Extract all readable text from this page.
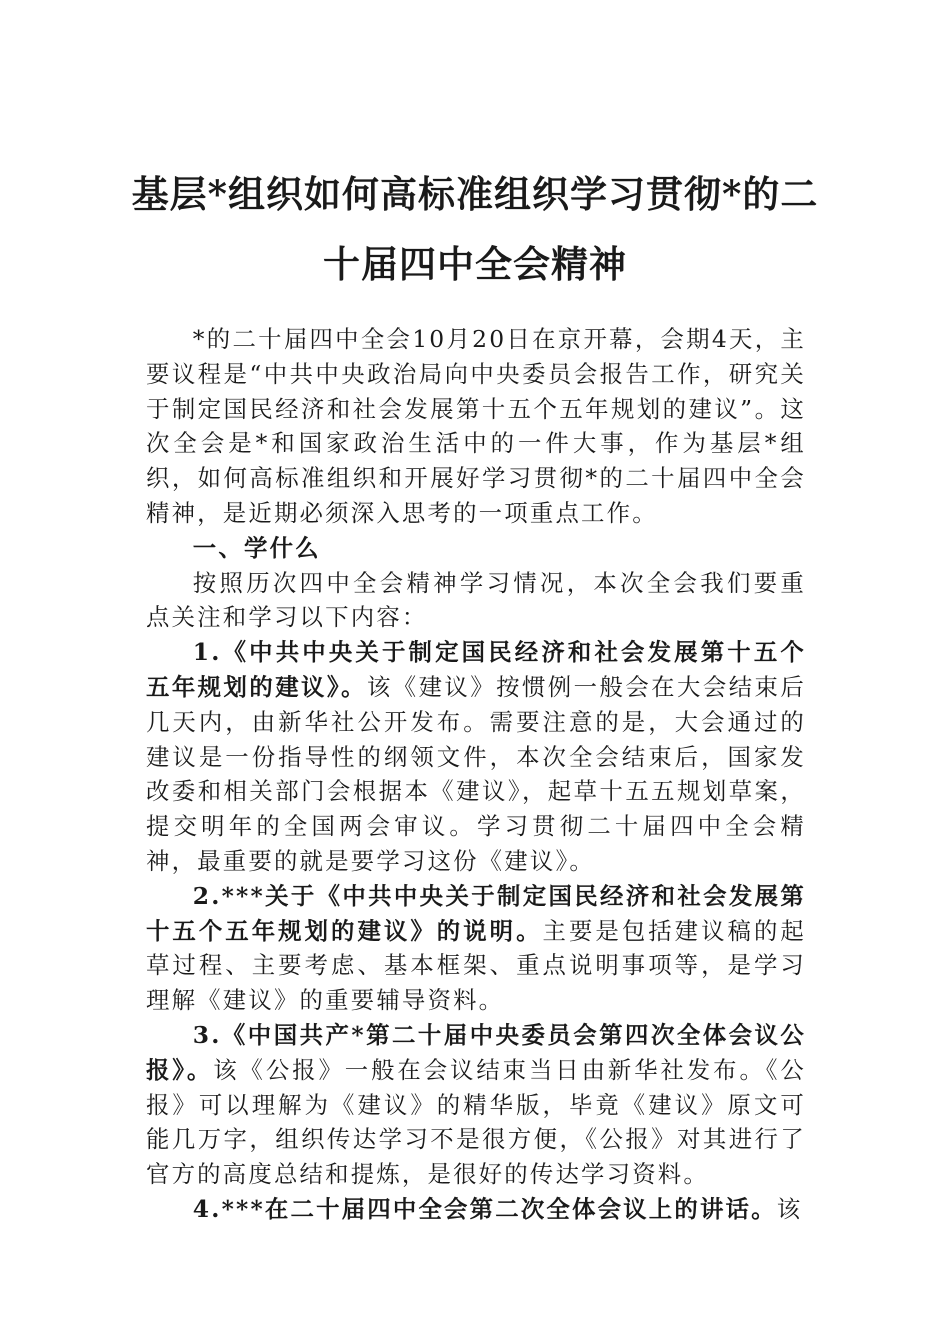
基层*组织如何高标准组织学习贯彻*的二
十届四中全会精神

*的二十届四中全会10月20日在京开幕，会期4天，主要议程是“中共中央政治局向中央委员会报告工作，研究关于制定国民经济和社会发展第十五个五年规划的建议”。这次全会是*和国家政治生活中的一件大事，作为基层*组织，如何高标准组织和开展好学习贯彻*的二十届四中全会精神，是近期必须深入思考的一项重点工作。

一、学什么

按照历次四中全会精神学习情况，本次全会我们要重点关注和学习以下内容：

1.《中共中央关于制定国民经济和社会发展第十五个五年规划的建议》。该《建议》按惯例一般会在大会结束后几天内，由新华社公开发布。需要注意的是，大会通过的建议是一份指导性的纲领文件，本次全会结束后，国家发改委和相关部门会根据本《建议》，起草十五五规划草案，提交明年的全国两会审议。学习贯彻二十届四中全会精神，最重要的就是要学习这份《建议》。

2.***关于《中共中央关于制定国民经济和社会发展第十五个五年规划的建议》的说明。主要是包括建议稿的起草过程、主要考虑、基本框架、重点说明事项等，是学习理解《建议》的重要辅导资料。

3.《中国共产*第二十届中央委员会第四次全体会议公报》。该《公报》一般在会议结束当日由新华社发布。《公报》可以理解为《建议》的精华版，毕竟《建议》原文可能几万字，组织传达学习不是很方便，《公报》对其进行了官方的高度总结和提炼，是很好的传达学习资料。

4.***在二十届四中全会第二次全体会议上的讲话。该
